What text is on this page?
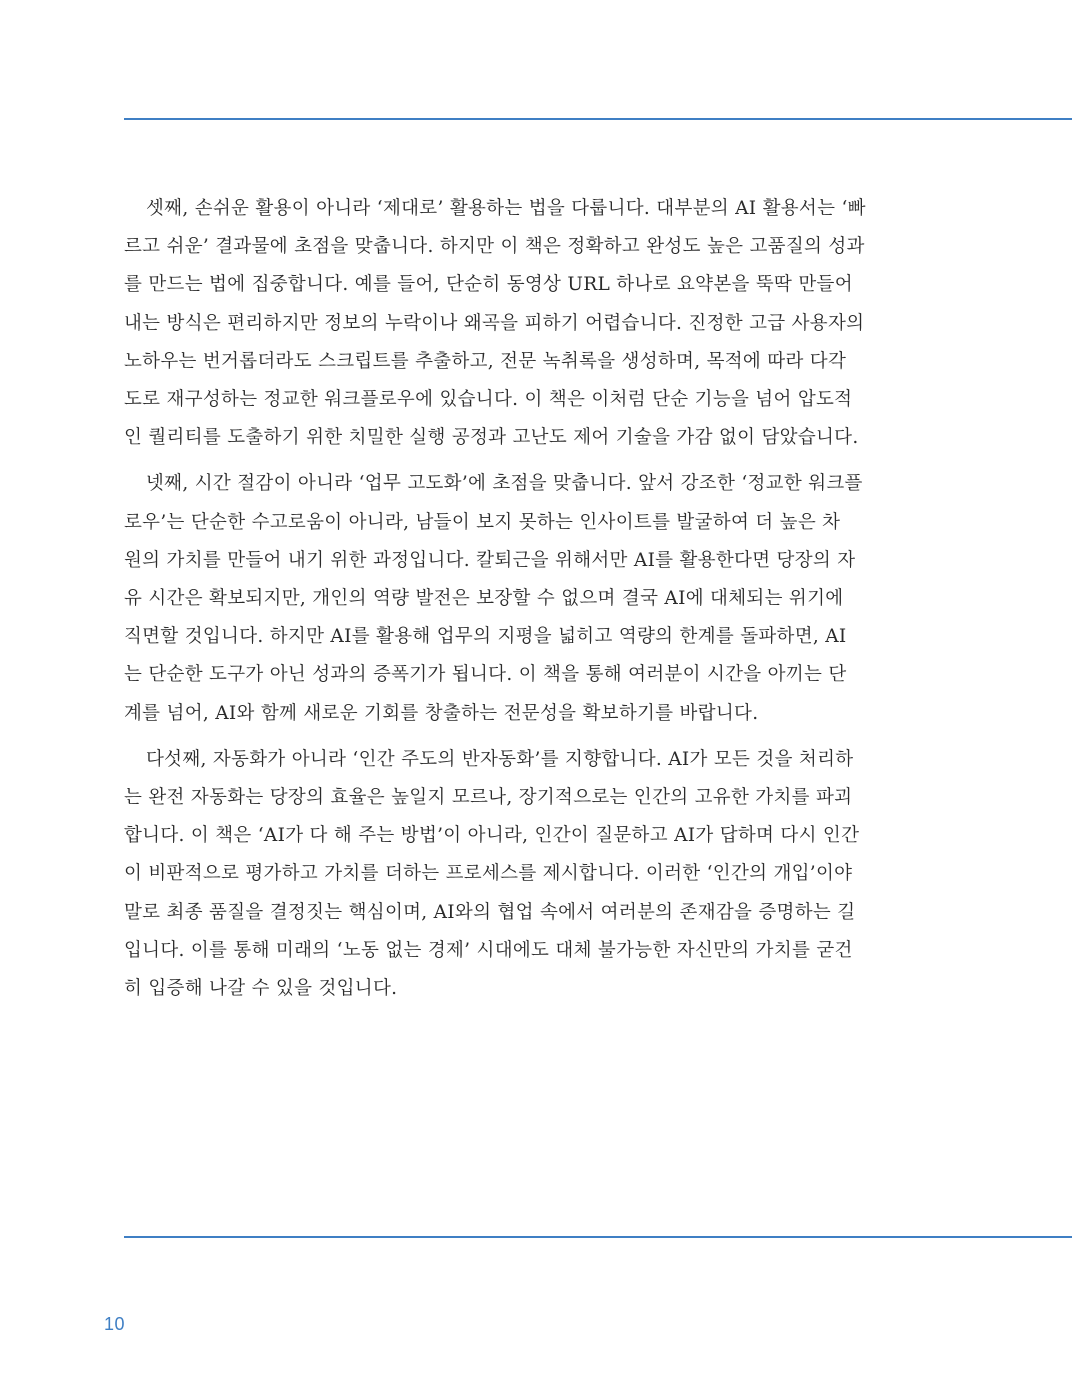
셋째, 손쉬운 활용이 아니라 ‘제대로’ 활용하는 법을 다룹니다. 대부분의 AI 활용서는 ‘빠
르고 쉬운’ 결과물에 초점을 맞춥니다. 하지만 이 책은 정확하고 완성도 높은 고품질의 성과
를 만드는 법에 집중합니다. 예를 들어, 단순히 동영상 URL 하나로 요약본을 뚝딱 만들어
내는 방식은 편리하지만 정보의 누락이나 왜곡을 피하기 어렵습니다. 진정한 고급 사용자의
노하우는 번거롭더라도 스크립트를 추출하고, 전문 녹취록을 생성하며, 목적에 따라 다각
도로 재구성하는 정교한 워크플로우에 있습니다. 이 책은 이처럼 단순 기능을 넘어 압도적
인 퀄리티를 도출하기 위한 치밀한 실행 공정과 고난도 제어 기술을 가감 없이 담았습니다.

넷째, 시간 절감이 아니라 ‘업무 고도화’에 초점을 맞춥니다. 앞서 강조한 ‘정교한 워크플
로우’는 단순한 수고로움이 아니라, 남들이 보지 못하는 인사이트를 발굴하여 더 높은 차
원의 가치를 만들어 내기 위한 과정입니다. 칼퇴근을 위해서만 AI를 활용한다면 당장의 자
유 시간은 확보되지만, 개인의 역량 발전은 보장할 수 없으며 결국 AI에 대체되는 위기에
직면할 것입니다. 하지만 AI를 활용해 업무의 지평을 넓히고 역량의 한계를 돌파하면, AI
는 단순한 도구가 아닌 성과의 증폭기가 됩니다. 이 책을 통해 여러분이 시간을 아끼는 단
계를 넘어, AI와 함께 새로운 기회를 창출하는 전문성을 확보하기를 바랍니다.

다섯째, 자동화가 아니라 ‘인간 주도의 반자동화’를 지향합니다. AI가 모든 것을 처리하
는 완전 자동화는 당장의 효율은 높일지 모르나, 장기적으로는 인간의 고유한 가치를 파괴
합니다. 이 책은 ‘AI가 다 해 주는 방법’이 아니라, 인간이 질문하고 AI가 답하며 다시 인간
이 비판적으로 평가하고 가치를 더하는 프로세스를 제시합니다. 이러한 ‘인간의 개입’이야
말로 최종 품질을 결정짓는 핵심이며, AI와의 협업 속에서 여러분의 존재감을 증명하는 길
입니다. 이를 통해 미래의 ‘노동 없는 경제’ 시대에도 대체 불가능한 자신만의 가치를 굳건
히 입증해 나갈 수 있을 것입니다.

10
